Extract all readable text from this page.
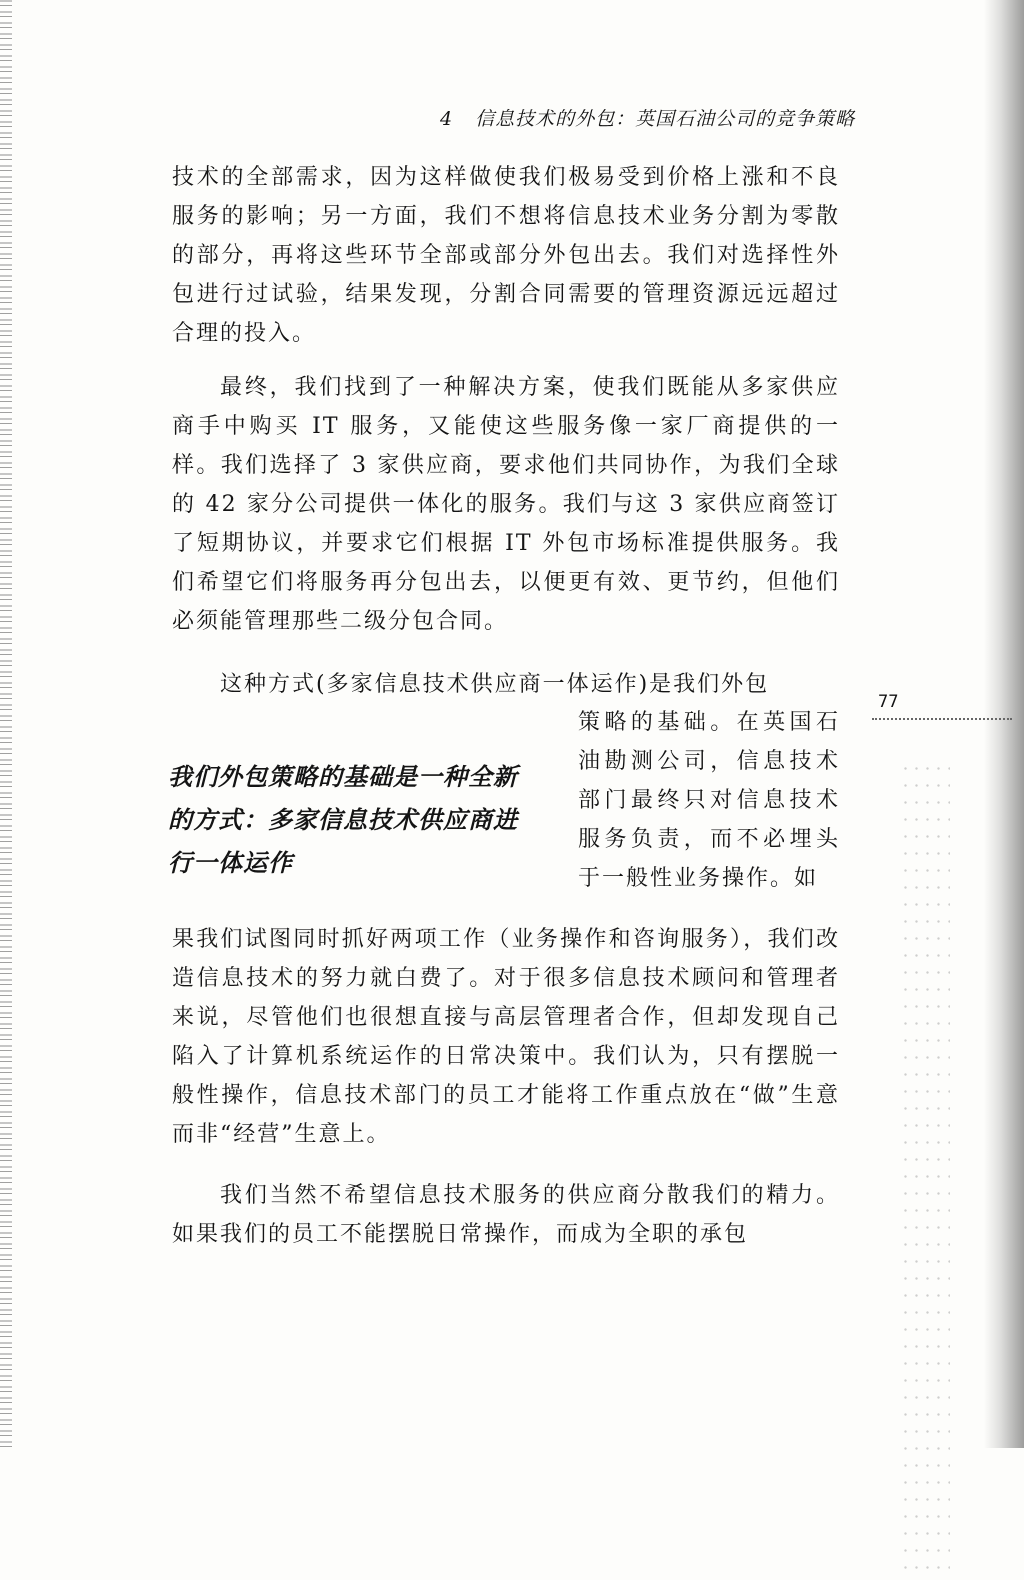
4 信息技术的外包：英国石油公司的竞争策略

技术的全部需求，因为这样做使我们极易受到价格上涨和不良服务的影响；另一方面，我们不想将信息技术业务分割为零散的部分，再将这些环节全部或部分外包出去。我们对选择性外包进行过试验，结果发现，分割合同需要的管理资源远远超过合理的投入。

最终，我们找到了一种解决方案，使我们既能从多家供应商手中购买 IT 服务，又能使这些服务像一家厂商提供的一样。我们选择了 3 家供应商，要求他们共同协作，为我们全球的 42 家分公司提供一体化的服务。我们与这 3 家供应商签订了短期协议，并要求它们根据 IT 外包市场标准提供服务。我们希望它们将服务再分包出去，以便更有效、更节约，但他们必须能管理那些二级分包合同。

这种方式(多家信息技术供应商一体运作)是我们外包

77

策略的基础。在英国石油勘测公司，信息技术部门最终只对信息技术服务负责，而不必埋头于一般性业务操作。如

我们外包策略的基础是一种全新的方式：多家信息技术供应商进行一体运作

果我们试图同时抓好两项工作（业务操作和咨询服务），我们改造信息技术的努力就白费了。对于很多信息技术顾问和管理者来说，尽管他们也很想直接与高层管理者合作，但却发现自己陷入了计算机系统运作的日常决策中。我们认为，只有摆脱一般性操作，信息技术部门的员工才能将工作重点放在“做”生意而非“经营”生意上。

我们当然不希望信息技术服务的供应商分散我们的精力。如果我们的员工不能摆脱日常操作，而成为全职的承包
